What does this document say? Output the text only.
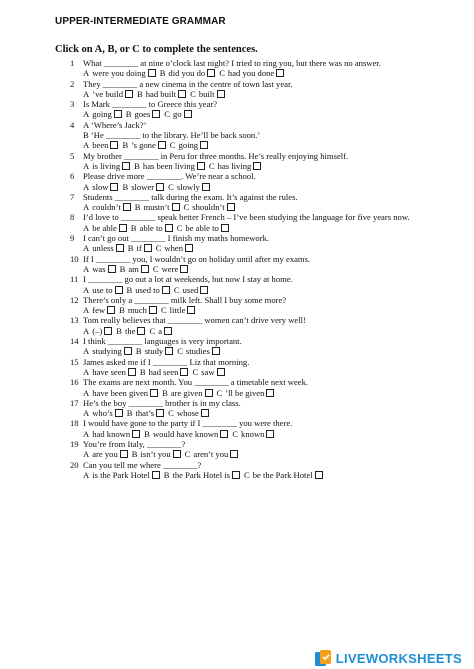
UPPER-INTERMEDIATE GRAMMAR

Click on A, B, or C to complete the sentences.

1 What ________ at nine o’clock last night? I tried to ring you, but there was no answer.
A were you doing B did you do C had you done
2 They ________ a new cinema in the centre of town last year.
A ’ve build B had built C built
3 Is Mark ________ to Greece this year?
A going B goes C go
4 A ‘Where’s Jack?’
B ‘He ________ to the library. He’ll be back soon.’
A been B ’s gone C going
5 My brother ________ in Peru for three months. He’s really enjoying himself.
A is living B has been living C has living
6 Please drive more ________. We’re near a school.
A slow B slower C slowly
7 Students ________ talk during the exam. It’s against the rules.
A couldn’t B mustn’t C shouldn’t
8 I’d love to ________ speak better French – I’ve been studying the language for five years now.
A be able B able to C be able to
9 I can’t go out ________ I finish my maths homework.
A unless B if C when
10 If I ________ you, I wouldn’t go on holiday until after my exams.
A was B am C were
11 I ________ go out a lot at weekends, but now I stay at home.
A use to B used to C used
12 There’s only a ________ milk left. Shall I buy some more?
A few B much C little
13 Tom really believes that ________ women can’t drive very well!
A (–) B the C a
14 I think ________ languages is very important.
A studying B study C studies
15 James asked me if I ________ Liz that morning.
A have seen B had seen C saw
16 The exams are next month. You ________ a timetable next week.
A have been given B are given C ’ll be given
17 He’s the boy ________ brother is in my class.
A who’s B that’s C whose
18 I would have gone to the party if I ________ you were there.
A had known B would have known C known
19 You’re from Italy, ________?
A are you B isn’t you C aren’t you
20 Can you tell me where ________?
A is the Park Hotel B the Park Hotel is C be the Park Hotel
LIVEWORKSHEETS
